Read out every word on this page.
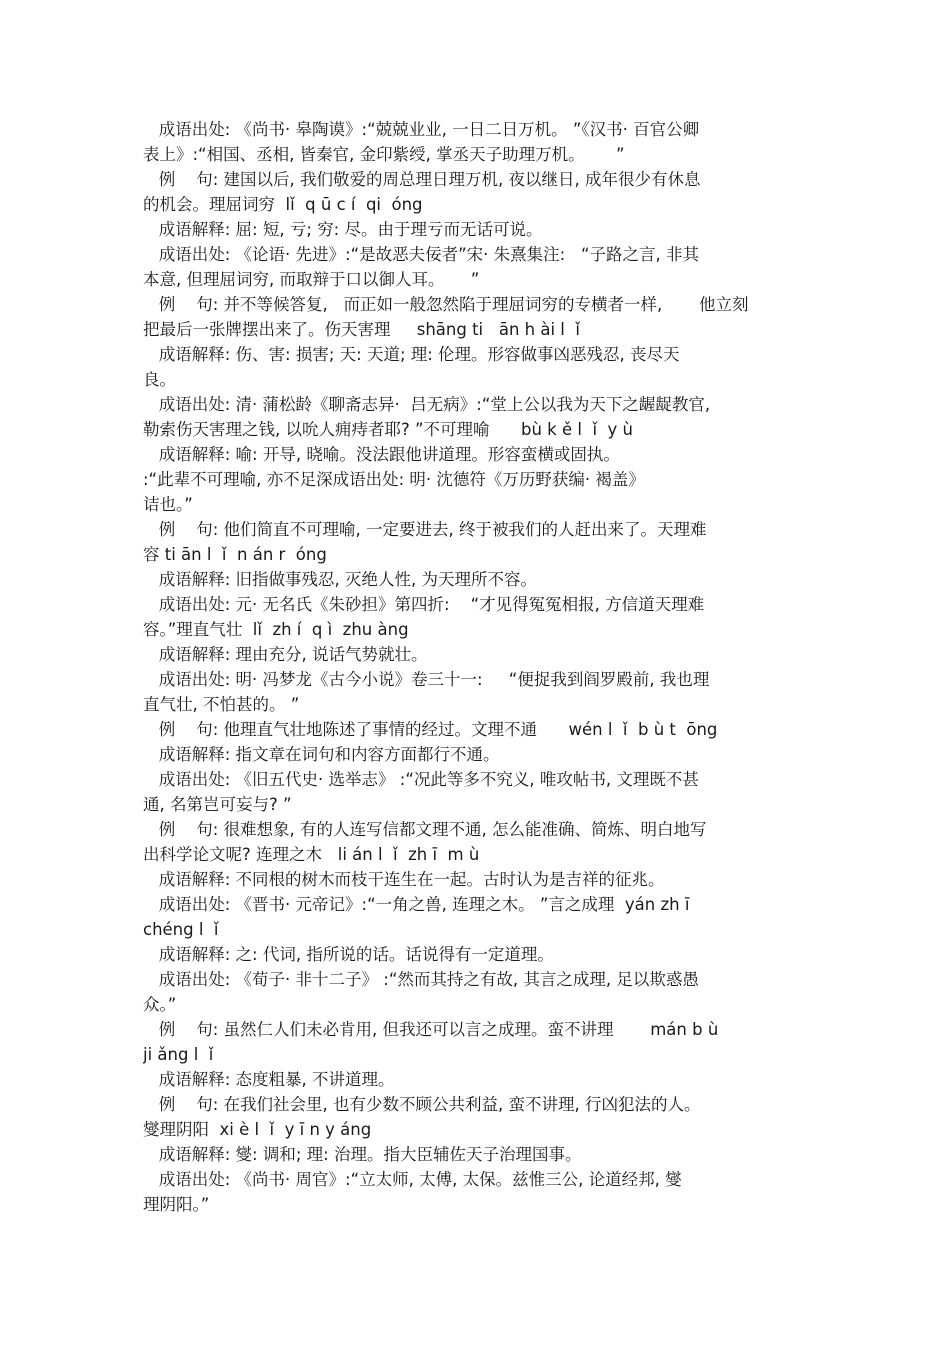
成语出处: 《尚书· 皋陶谟》:“兢兢业业, 一日二日万机。 ”《汉书· 百官公卿
表上》:“相国、丞相, 皆秦官, 金印紫绶, 掌丞天子助理万机。      ”
例    句: 建国以后, 我们敬爱的周总理日理万机, 夜以继日, 成年很少有休息
的机会。理屈词穷  lǐ  q ū c í  qi  óng
成语解释: 屈: 短, 亏; 穷: 尽。由于理亏而无话可说。
成语出处: 《论语· 先进》:“是故恶夫佞者”宋· 朱熹集注:   “子路之言, 非其
本意, 但理屈词穷, 而取辩于口以御人耳。     ”
例    句: 并不等候答复,   而正如一般忽然陷于理屈词穷的专横者一样,       他立刻
把最后一张牌摆出来了。伤天害理     shāng ti   ān h ài l  ǐ
成语解释: 伤、害: 损害; 天: 天道; 理: 伦理。形容做事凶恶残忍, 丧尽天
良。
成语出处: 清· 蒲松龄《聊斋志异·  吕无病》:“堂上公以我为天下之龌龊教官,
勒索伤天害理之钱, 以吮人痈痔者耶? ”不可理喻      bù k ě l  ǐ  y ù
成语解释: 喻: 开导, 晓喻。没法跟他讲道理。形容蛮横或固执。
:“此辈不可理喻, 亦不足深成语出处: 明· 沈德符《万历野获编· 褐盖》
诘也。”
例    句: 他们简直不可理喻, 一定要进去, 终于被我们的人赶出来了。天理难
容 ti ān l  ǐ  n án r  óng
成语解释: 旧指做事残忍, 灭绝人性, 为天理所不容。
成语出处: 元· 无名氏《朱砂担》第四折:    “才见得冤冤相报, 方信道天理难
容。”理直气壮  lǐ  zh í  q ì  zhu àng
成语解释: 理由充分, 说话气势就壮。
成语出处: 明· 冯梦龙《古今小说》卷三十一:     “便捉我到阎罗殿前, 我也理
直气壮, 不怕甚的。 ”
例    句: 他理直气壮地陈述了事情的经过。文理不通      wén l  ǐ  b ù t  ōng
成语解释: 指文章在词句和内容方面都行不通。
成语出处: 《旧五代史· 选举志》 :“况此等多不究义, 唯攻帖书, 文理既不甚
通, 名第岂可妄与? ”
例    句: 很难想象, 有的人连写信都文理不通, 怎么能准确、简炼、明白地写
出科学论文呢? 连理之木   li án l  ǐ  zh ī  m ù
成语解释: 不同根的树木而枝干连生在一起。古时认为是吉祥的征兆。
成语出处: 《晋书· 元帝记》:“一角之兽, 连理之木。 ”言之成理  yán zh ī
chéng l  ǐ
成语解释: 之: 代词, 指所说的话。话说得有一定道理。
成语出处: 《荀子· 非十二子》 :“然而其持之有故, 其言之成理, 足以欺惑愚
众。”
例    句: 虽然仁人们未必肯用, 但我还可以言之成理。蛮不讲理       mán b ù
ji ǎng l  ǐ
成语解释: 态度粗暴, 不讲道理。
例    句: 在我们社会里, 也有少数不顾公共利益, 蛮不讲理, 行凶犯法的人。
燮理阴阳  xi è l  ǐ  y ī n y áng
成语解释: 燮: 调和; 理: 治理。指大臣辅佐天子治理国事。
成语出处: 《尚书· 周官》:“立太师, 太傅, 太保。兹惟三公, 论道经邦, 燮
理阴阳。”
